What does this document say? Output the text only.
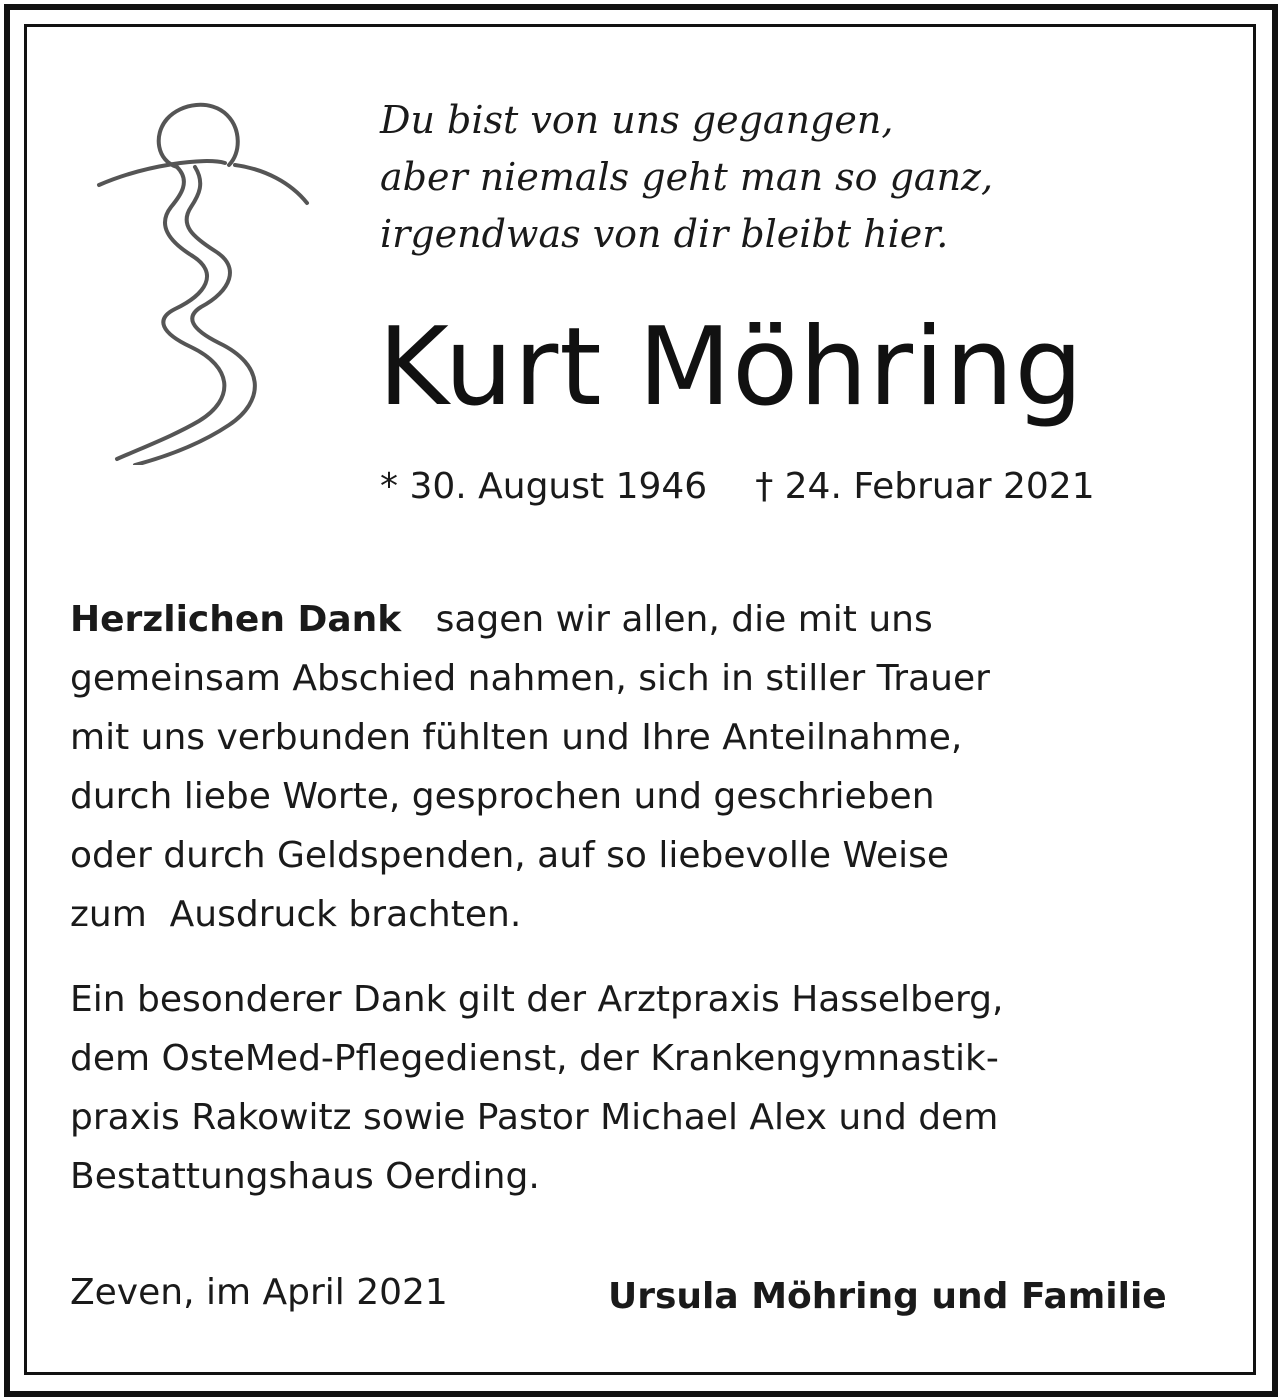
Du bist von uns gegangen,
aber niemals geht man so ganz,
irgendwas von dir bleibt hier.
Kurt Möhring
* 30. August 1946 † 24. Februar 2021
Herzlichen Dank sagen wir allen, die mit uns
gemeinsam Abschied nahmen, sich in stiller Trauer
mit uns verbunden fühlten und Ihre Anteilnahme,
durch liebe Worte, gesprochen und geschrieben
oder durch Geldspenden, auf so liebevolle Weise
zum  Ausdruck brachten.
Ein besonderer Dank gilt der Arztpraxis Hasselberg,
dem OsteMed-Pflegedienst, der Krankengymnastik-
praxis Rakowitz sowie Pastor Michael Alex und dem
Bestattungshaus Oerding.
Zeven, im April 2021	Ursula Möhring und Familie
